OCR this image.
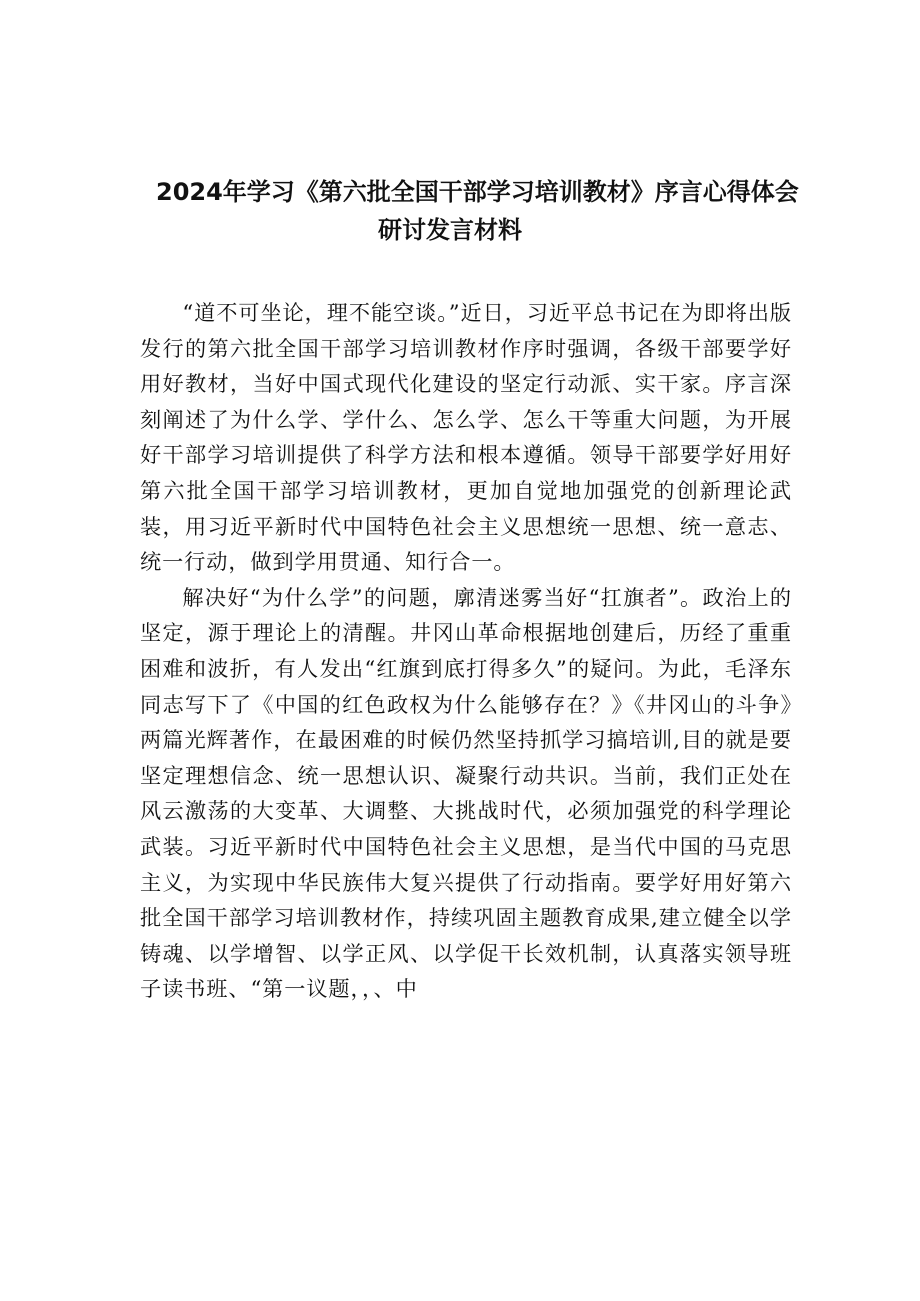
2024年学习《第六批全国干部学习培训教材》序言心得体会
研讨发言材料

“道不可坐论，理不能空谈。”近日，习近平总书记在为即将出版发行的第六批全国干部学习培训教材作序时强调，各级干部要学好用好教材，当好中国式现代化建设的坚定行动派、实干家。序言深刻阐述了为什么学、学什么、怎么学、怎么干等重大问题，为开展好干部学习培训提供了科学方法和根本遵循。领导干部要学好用好第六批全国干部学习培训教材，更加自觉地加强党的创新理论武装，用习近平新时代中国特色社会主义思想统一思想、统一意志、统一行动，做到学用贯通、知行合一。

解决好“为什么学”的问题，廓清迷雾当好“扛旗者”。政治上的坚定，源于理论上的清醒。井冈山革命根据地创建后，历经了重重困难和波折，有人发出“红旗到底打得多久”的疑问。为此，毛泽东同志写下了《中国的红色政权为什么能够存在？》《井冈山的斗争》两篇光辉著作，在最困难的时候仍然坚持抓学习搞培训,目的就是要坚定理想信念、统一思想认识、凝聚行动共识。当前，我们正处在风云激荡的大变革、大调整、大挑战时代，必须加强党的科学理论武装。习近平新时代中国特色社会主义思想，是当代中国的马克思主义，为实现中华民族伟大复兴提供了行动指南。要学好用好第六批全国干部学习培训教材作，持续巩固主题教育成果,建立健全以学铸魂、以学增智、以学正风、以学促干长效机制，认真落实领导班子读书班、“第一议题，，、中
